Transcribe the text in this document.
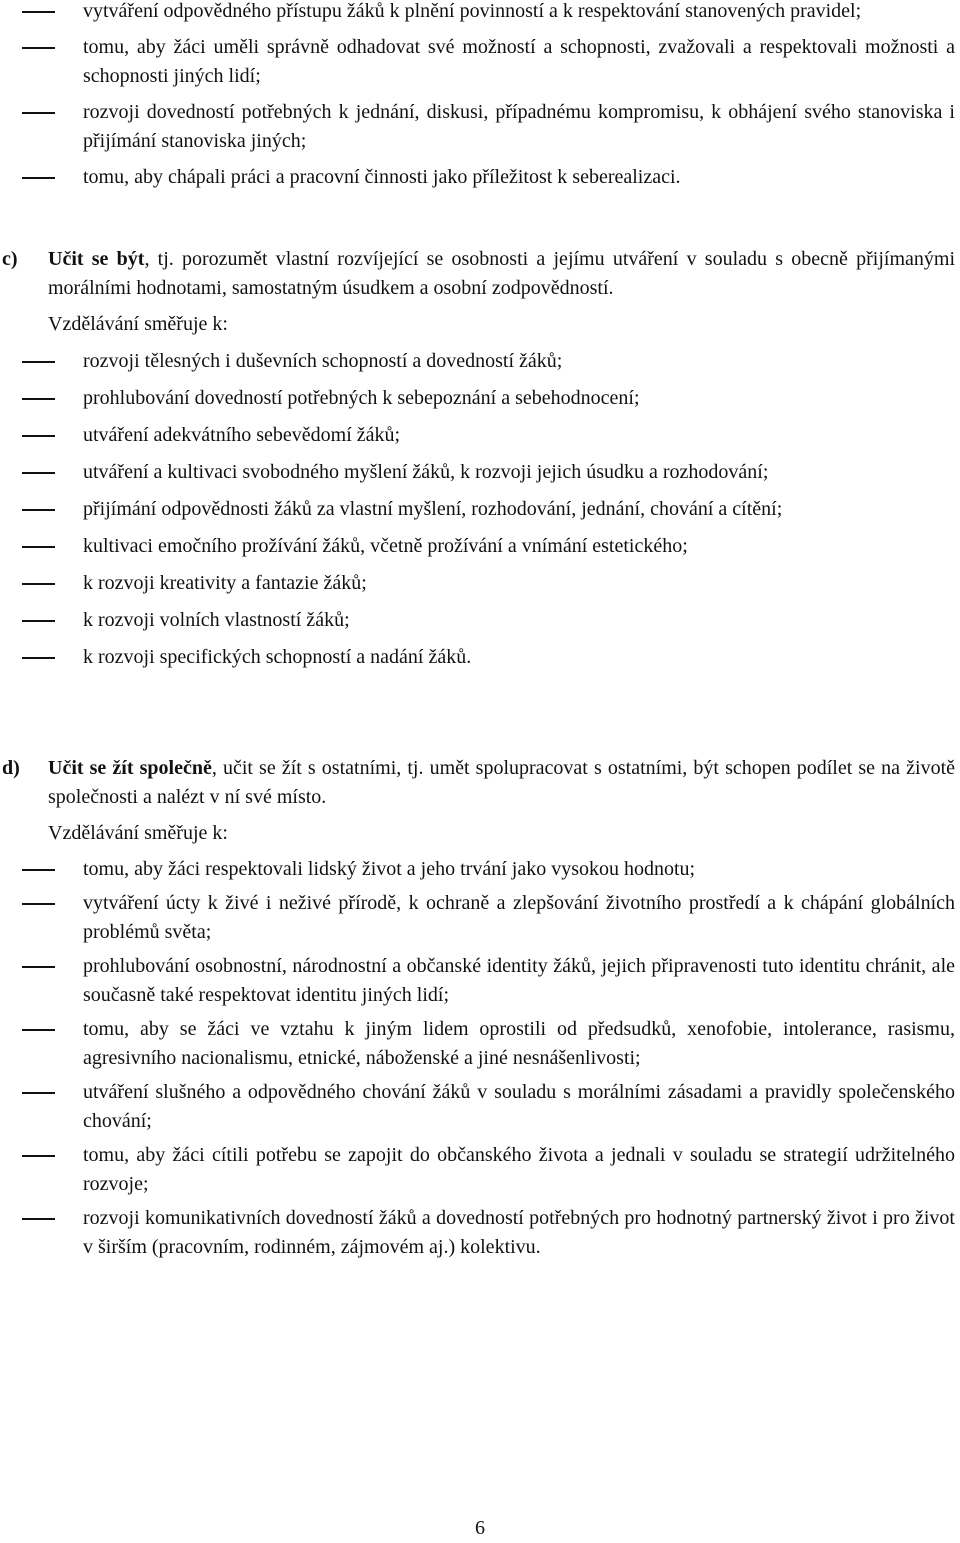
vytváření odpovědného přístupu žáků k plnění povinností a k respektování stanovených pravidel;

tomu, aby žáci uměli správně odhadovat své možností a schopnosti, zvažovali a respektovali možnosti a schopnosti jiných lidí;

rozvoji dovedností potřebných k jednání, diskusi, případnému kompromisu, k obhájení svého stanoviska i přijímání stanoviska jiných;

tomu, aby chápali práci a pracovní činnosti jako příležitost k seberealizaci.

c) Učit se být, tj. porozumět vlastní rozvíjející se osobnosti a jejímu utváření v souladu s obecně přijímanými morálními hodnotami, samostatným úsudkem a osobní zodpovědností.

Vzdělávání směřuje k:

rozvoji tělesných i duševních schopností a dovedností žáků;

prohlubování dovedností potřebných k sebepoznání a sebehodnocení;

utváření adekvátního sebevědomí žáků;

utváření a kultivaci svobodného myšlení žáků, k rozvoji jejich úsudku a rozhodování;

přijímání odpovědnosti žáků za vlastní myšlení, rozhodování, jednání, chování a cítění;

kultivaci emočního prožívání žáků, včetně prožívání a vnímání estetického;

k rozvoji kreativity a fantazie žáků;

k rozvoji volních vlastností žáků;

k rozvoji specifických schopností a nadání žáků.

d) Učit se žít společně, učit se žít s ostatními, tj. umět spolupracovat s ostatními, být schopen podílet se na životě společnosti a nalézt v ní své místo.

Vzdělávání směřuje k:

tomu, aby žáci respektovali lidský život a jeho trvání jako vysokou hodnotu;

vytváření úcty k živé i neživé přírodě, k ochraně a zlepšování životního prostředí a k chápání globálních problémů světa;

prohlubování osobnostní, národnostní a občanské identity žáků, jejich připravenosti tuto identitu chránit, ale současně také respektovat identitu jiných lidí;

tomu, aby se žáci ve vztahu k jiným lidem oprostili od předsudků, xenofobie, intolerance, rasismu, agresivního nacionalismu, etnické, náboženské a jiné nesnášenlivosti;

utváření slušného a odpovědného chování žáků v souladu s morálními zásadami a pravidly společenského chování;

tomu, aby žáci cítili potřebu se zapojit do občanského života a jednali v souladu se strategií udržitelného rozvoje;

rozvoji komunikativních dovedností žáků a dovedností potřebných pro hodnotný partnerský život i pro život v širším (pracovním, rodinném, zájmovém aj.) kolektivu.

6
